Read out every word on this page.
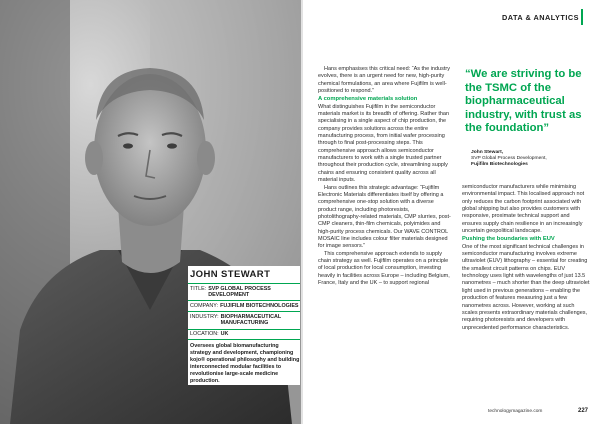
JOHN STEWART
TITLE: SVP GLOBAL PROCESS DEVELOPMENT
COMPANY: FUJIFILM BIOTECHNOLOGIES
INDUSTRY: BIOPHARMACEUTICAL MANUFACTURING
LOCATION: UK
Oversees global biomanufacturing strategy and development, championing kojo® operational philosophy and building interconnected modular facilities to revolutionise large-scale medicine production.
DATA & ANALYTICS

Hans emphasises this critical need: “As the industry evolves, there is an urgent need for new, high-purity chemical formulations, an area where Fujifilm is well-positioned to respond.”

A comprehensive materials solution

What distinguishes Fujifilm in the semiconductor materials market is its breadth of offering. Rather than specialising in a single aspect of chip production, the company provides solutions across the entire manufacturing process, from initial wafer processing through to final post-processing steps. This comprehensive approach allows semiconductor manufacturers to work with a single trusted partner throughout their production cycle, streamlining supply chains and ensuring consistent quality across all material inputs.

Hans outlines this strategic advantage: “Fujifilm Electronic Materials differentiates itself by offering a comprehensive one-stop solution with a diverse product range, including photoresists, photolithography-related materials, CMP slurries, post-CMP cleaners, thin-film chemicals, polyimides and high-purity process chemicals. Our WAVE CONTROL MOSAIC line includes colour filter materials designed for image sensors.”

This comprehensive approach extends to supply chain strategy as well. Fujifilm operates on a principle of local production for local consumption, investing heavily in facilities across Europe – including Belgium, France, Italy and the UK – to support regional

“We are striving to be the TSMC of the biopharmaceutical industry, with trust as the foundation”
John Stewart,
SVP Global Process Development,
Fujifilm Biotechnologies

semiconductor manufacturers while minimising environmental impact. This localised approach not only reduces the carbon footprint associated with global shipping but also provides customers with responsive, proximate technical support and ensures supply chain resilience in an increasingly uncertain geopolitical landscape.

Pushing the boundaries with EUV

One of the most significant technical challenges in semiconductor manufacturing involves extreme ultraviolet (EUV) lithography – essential for creating the smallest circuit patterns on chips. EUV technology uses light with wavelengths of just 13.5 nanometres – much shorter than the deep ultraviolet light used in previous generations – enabling the production of features measuring just a few nanometres across. However, working at such scales presents extraordinary materials challenges, requiring photoresists and developers with unprecedented performance characteristics.

technologymagazine.com	227
